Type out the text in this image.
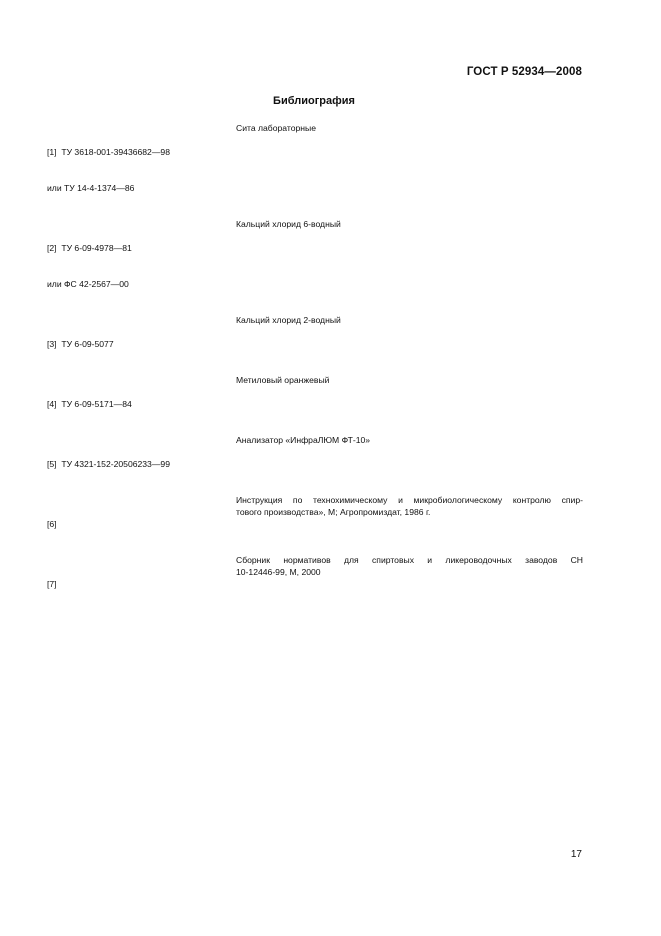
ГОСТ Р 52934—2008
Библиография

[1]  ТУ 3618-001-39436682—98

или ТУ 14-4-1374—86

Сита лабораторные

[2]  ТУ 6-09-4978—81

или ФС 42-2567—00

Кальций хлорид 6-водный

[3]  ТУ 6-09-5077

Кальций хлорид 2-водный

[4]  ТУ 6-09-5171—84

Метиловый оранжевый

[5]  ТУ 4321-152-20506233—99

Анализатор «ИнфраЛЮМ ФТ-10»

[6]

Инструкция по технохимическому и микробиологическому контролю спир-
тового производства», М; Агропромиздат, 1986 г.

[7]

Сборник нормативов для спиртовых и ликероводочных заводов СН
10-12446-99, М, 2000
17
